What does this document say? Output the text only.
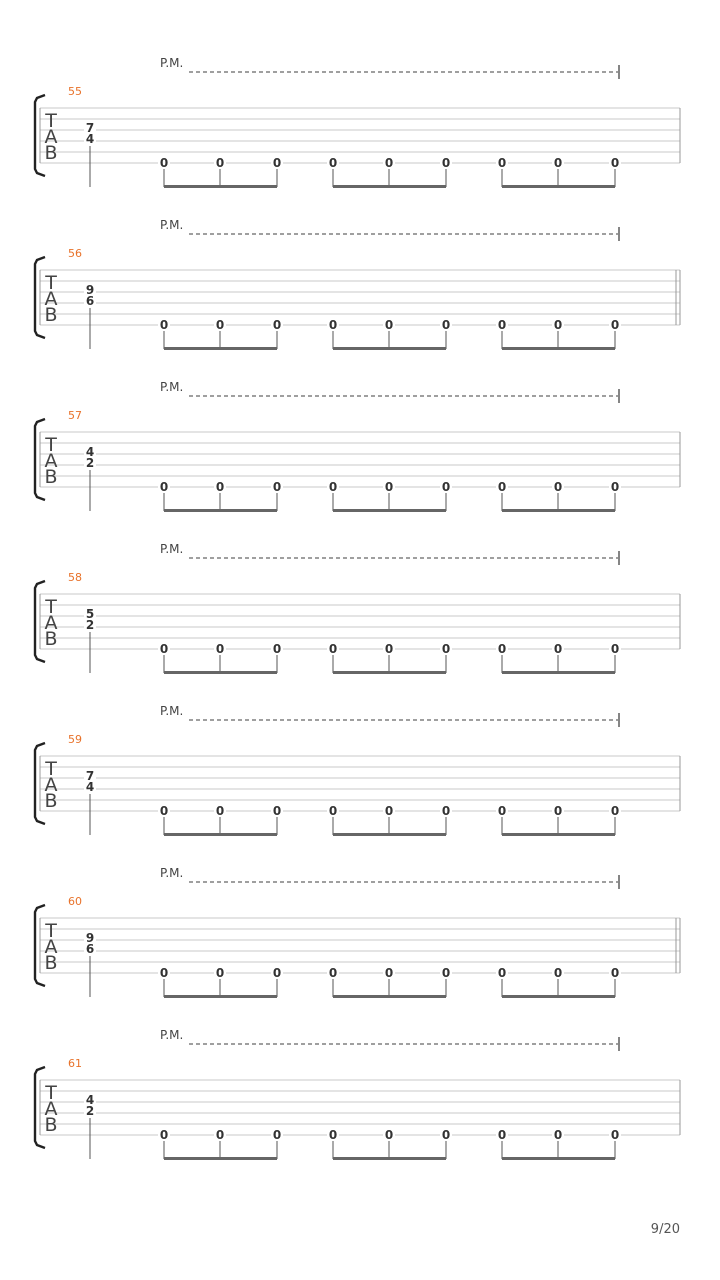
P.M.
55
T
A
B
7
4
0	0	0	0	0	0	0	0	0
P.M.
56
T
A
B
9
6
0	0	0	0	0	0	0	0	0
P.M.
57
T
A
B
4
2
0	0	0	0	0	0	0	0	0
P.M.
58
T
A
B
5
2
0	0	0	0	0	0	0	0	0
P.M.
59
T
A
B
7
4
0	0	0	0	0	0	0	0	0
P.M.
60
T
A
B
9
6
0	0	0	0	0	0	0	0	0
P.M.
61
T
A
B
4
2
0	0	0	0	0	0	0	0	0
9/20
